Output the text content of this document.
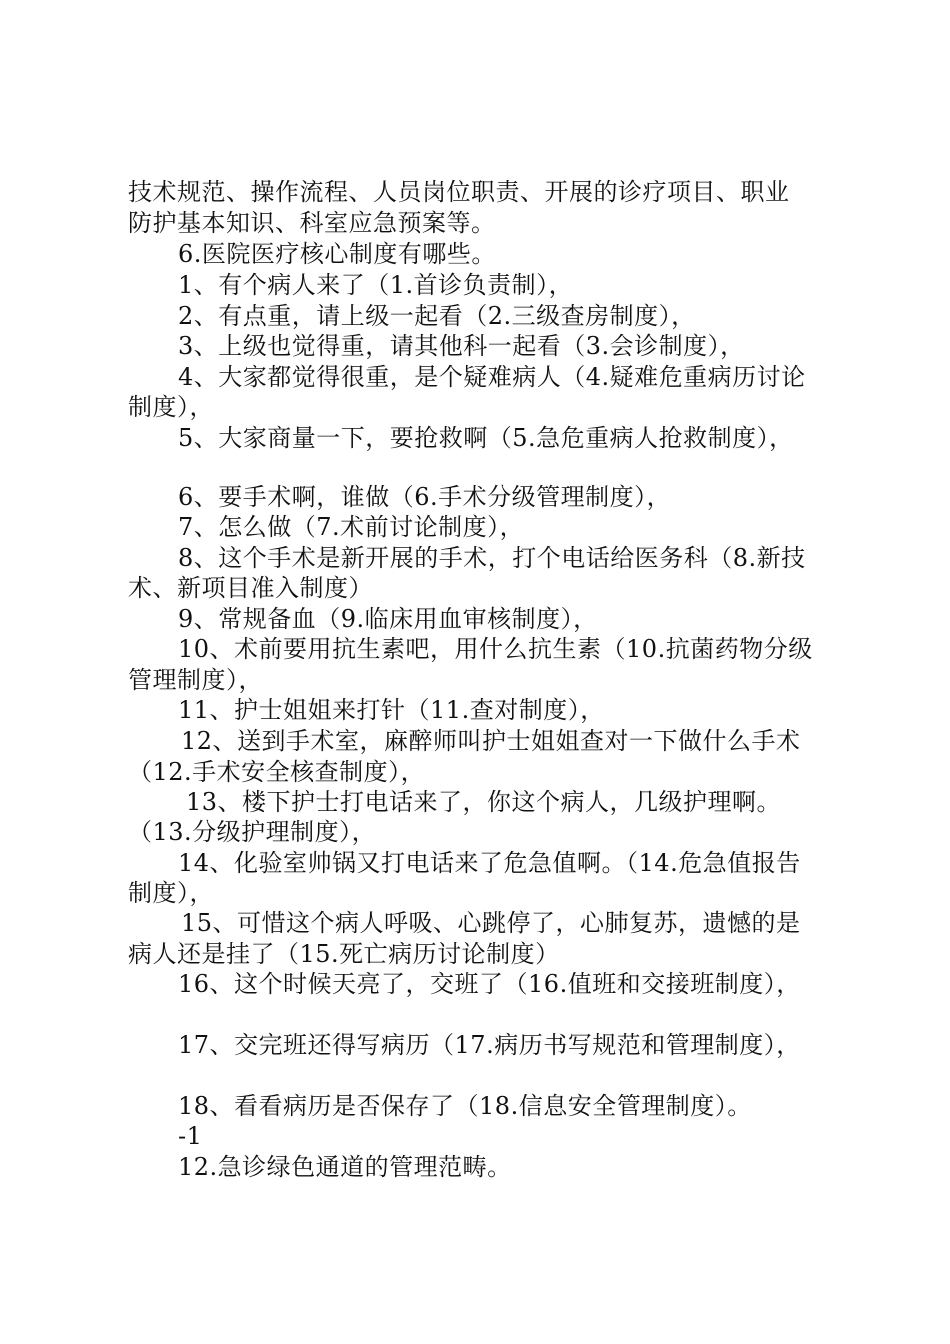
技术规范、操作流程、人员岗位职责、开展的诊疗项目、职业
防护基本知识、科室应急预案等。
6.医院医疗核心制度有哪些。
1、有个病人来了（1.首诊负责制），
2、有点重，请上级一起看（2.三级查房制度），
3、上级也觉得重，请其他科一起看（3.会诊制度），
4、大家都觉得很重，是个疑难病人（4.疑难危重病历讨论
制度），
5、大家商量一下，要抢救啊（5.急危重病人抢救制度），
6、要手术啊，谁做（6.手术分级管理制度），
7、怎么做（7.术前讨论制度），
8、这个手术是新开展的手术，打个电话给医务科（8.新技
术、新项目准入制度）
9、常规备血（9.临床用血审核制度），
10、术前要用抗生素吧，用什么抗生素（10.抗菌药物分级
管理制度），
11、护士姐姐来打针（11.查对制度），
12、送到手术室，麻醉师叫护士姐姐查对一下做什么手术
（12.手术安全核查制度），
13、楼下护士打电话来了，你这个病人，几级护理啊。
（13.分级护理制度），
14、化验室帅锅又打电话来了危急值啊。（14.危急值报告
制度），
15、可惜这个病人呼吸、心跳停了，心肺复苏，遗憾的是
病人还是挂了（15.死亡病历讨论制度）
16、这个时候天亮了，交班了（16.值班和交接班制度），
17、交完班还得写病历（17.病历书写规范和管理制度），
18、看看病历是否保存了（18.信息安全管理制度）。
-1
12.急诊绿色通道的管理范畴。
